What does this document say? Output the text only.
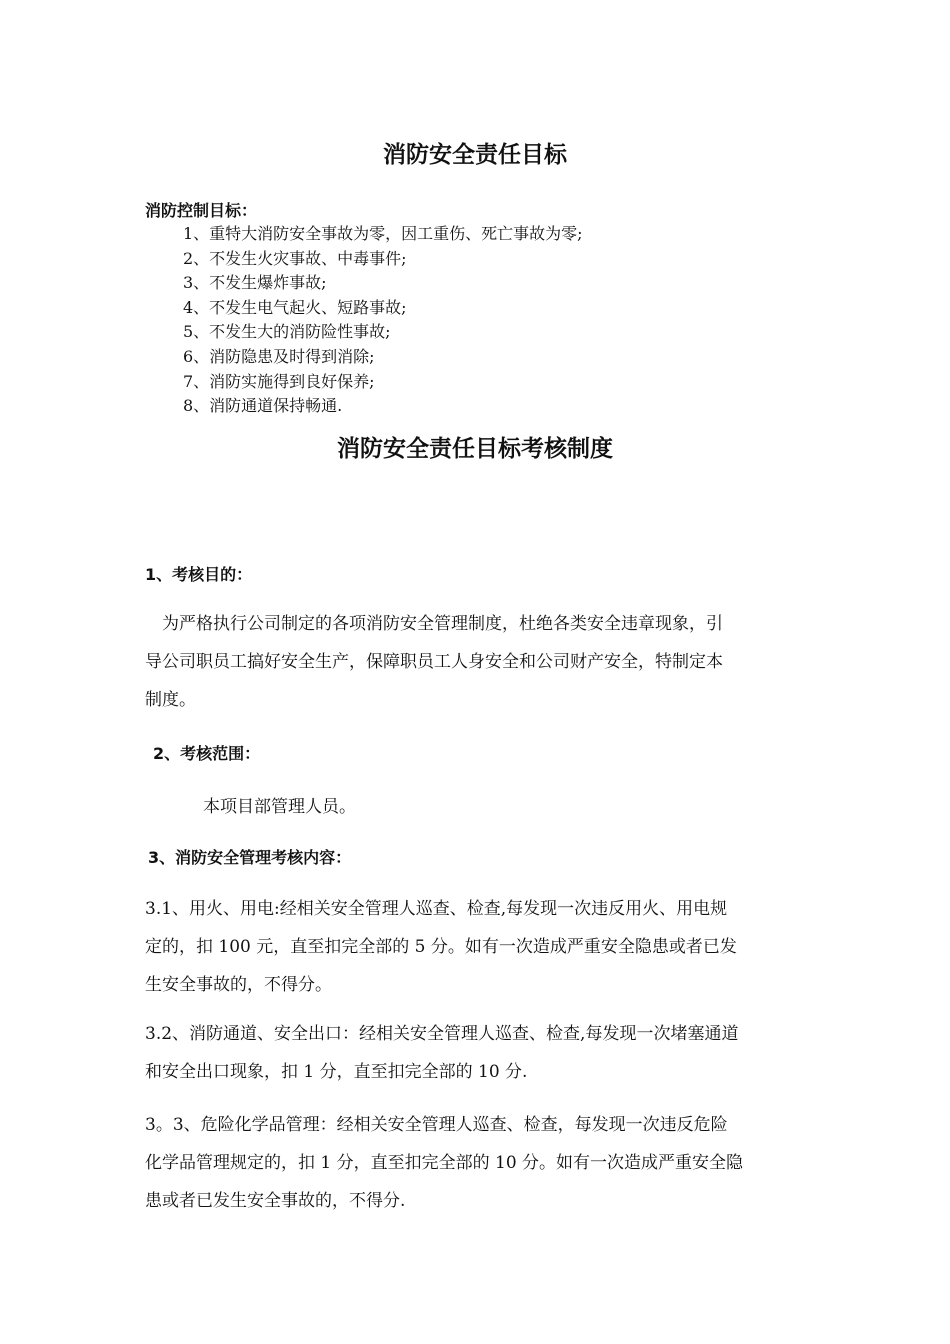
消防安全责任目标
消防控制目标：
1、重特大消防安全事故为零，因工重伤、死亡事故为零;
2、不发生火灾事故、中毒事件;
3、不发生爆炸事故;
4、不发生电气起火、短路事故;
5、不发生大的消防险性事故;
6、消防隐患及时得到消除;
7、消防实施得到良好保养;
8、消防通道保持畅通.
消防安全责任目标考核制度
1、考核目的：

　为严格执行公司制定的各项消防安全管理制度，杜绝各类安全违章现象，引
导公司职员工搞好安全生产，保障职员工人身安全和公司财产安全，特制定本
制度。

2、考核范围：
本项目部管理人员。
3、消防安全管理考核内容：

3.1、用火、用电:经相关安全管理人巡查、检查,每发现一次违反用火、用电规
定的，扣 100 元，直至扣完全部的 5 分。如有一次造成严重安全隐患或者已发
生安全事故的，不得分。

3.2、消防通道、安全出口：经相关安全管理人巡查、检查,每发现一次堵塞通道
和安全出口现象，扣 1 分，直至扣完全部的 10 分.

3。3、危险化学品管理：经相关安全管理人巡查、检查，每发现一次违反危险
化学品管理规定的，扣 1 分，直至扣完全部的 10 分。如有一次造成严重安全隐
患或者已发生安全事故的，不得分.
